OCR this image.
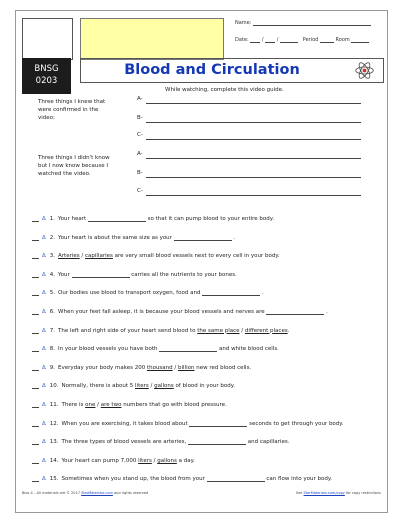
Name:
Date:  /  /	Period	Room
BNSG
0203
Blood and Circulation
While watching, complete this video guide.
Three things I knew that were confirmed in the video:
Three things I didn't know but I now know because I watched the video.
A-
B-
C-
A-
B-
C-
Δ 1. Your heart	so that it can pump blood to your entire body.
Δ 2. Your heart is about the same size as your	.
Δ 3. Arteries / capillaries are very small blood vessels next to every cell in your body.
Δ 4. Your	carries all the nutrients to your bones.
Δ 5. Our bodies use blood to transport oxygen, food and	.
Δ 6. When your feet fall asleep, it is because your blood vessels and nerves are	.
Δ 7. The left and right side of your heart send blood to the same place / different places.
Δ 8. In your blood vessels you have both	and white blood cells.
Δ 9. Everyday your body makes 200 thousand / billion new red blood cells.
Δ 10. Normally, there is about 5 liters / gallons of blood in your body.
Δ 11. There is one / are two numbers that go with blood pressure.
Δ 12. When you are exercising, it takes blood about	seconds to get through your body.
Δ 13. The three types of blood vessels are arteries,	and capillaries.
Δ 14. Your heart can pump 7,000 liters / gallons a day.
Δ 15. Sometimes when you stand up, the blood from your	can flow into your body.
Bios 4 – All materials are © 2017 StarMaterials.com and rights reserved	See StarMaterials.com/copy for copy restrictions
